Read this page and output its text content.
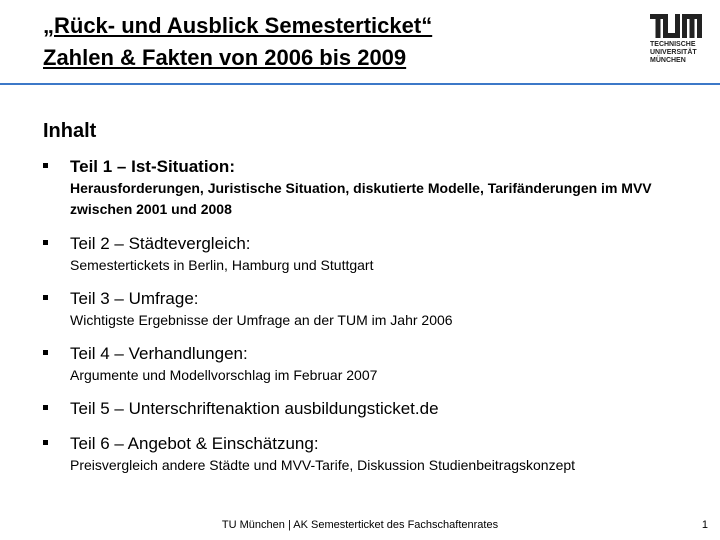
„Rück- und Ausblick Semesterticket“
Zahlen & Fakten von 2006 bis 2009
TECHNISCHE
UNIVERSITÄT
MÜNCHEN
Inhalt
Teil 1 – Ist-Situation:
Herausforderungen, Juristische Situation, diskutierte Modelle, Tarifänderungen im MVV zwischen 2001 und 2008
Teil 2 – Städtevergleich:
Semestertickets in Berlin, Hamburg und Stuttgart
Teil 3 – Umfrage:
Wichtigste Ergebnisse der Umfrage an der TUM im Jahr 2006
Teil 4 – Verhandlungen:
Argumente und Modellvorschlag im Februar 2007
Teil 5 – Unterschriftenaktion ausbildungsticket.de
Teil 6 – Angebot & Einschätzung:
Preisvergleich andere Städte und MVV-Tarife, Diskussion Studienbeitragskonzept
TU München | AK Semesterticket des Fachschaftenrates	1
